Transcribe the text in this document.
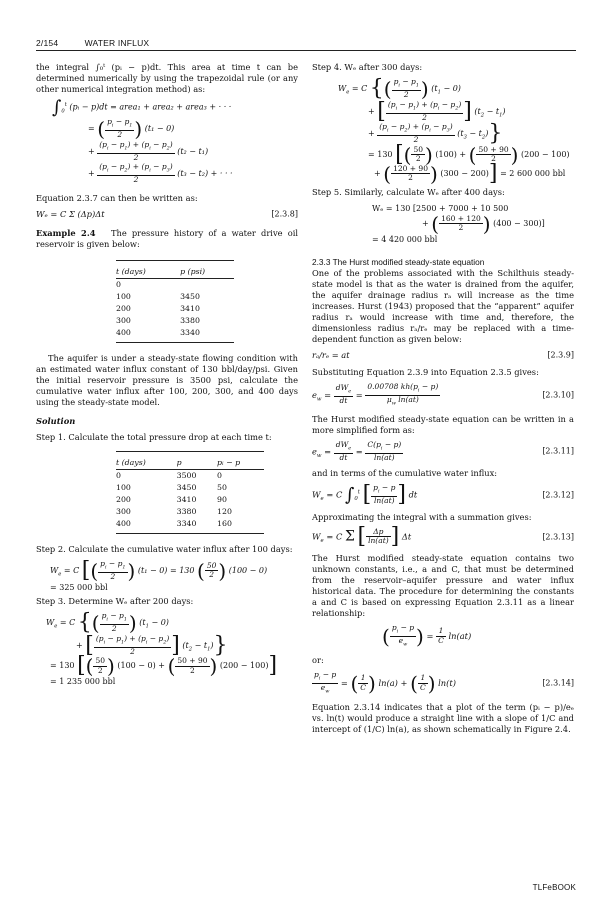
2/154	WATER INFLUX

the integral ∫₀ᵗ (pᵢ − p)dt. This area at time t can be determined numerically by using the trapezoidal rule (or any other numerical integration method) as:

$\int_0^t$ (pᵢ − p)dt = area₁ + area₂ + area₃ + · · ·
= ( $\frac{p_i - p_1}{2}$ ) (t₁ − 0)
+ $\frac{(p_i - p_1) + (p_i - p_2)}{2} (t_2 - t_1)$
+ $\frac{(p_i - p_2) + (p_i - p_3)}{2} (t_3 - t_2)$ + · · ·

Equation 2.3.7 can then be written as:

Wₑ = C Σ (Δp)Δt	[2.3.8]

Example 2.4 The pressure history of a water drive oil reservoir is given below:

t (days)	p (psi)
0	
100	3450
200	3410
300	3380
400	3340

The aquifer is under a steady-state flowing condition with an estimated water influx constant of 130 bbl/day/psi. Given the initial reservoir pressure is 3500 psi, calculate the cumulative water influx after 100, 200, 300, and 400 days using the steady-state model.

Solution

Step 1. Calculate the total pressure drop at each time t:

t (days)	p	pᵢ − p
0	3500	0
100	3450	50
200	3410	90
300	3380	120
400	3340	160

Step 2. Calculate the cumulative water influx after 100 days:

$W_e = C$ [( $\frac{p_i - p_1}{2}$ ) (t₁ − 0) = 130 ( $\frac{50}{2}$ ) (100 − 0)
= 325 000 bbl

Step 3. Determine Wₑ after 200 days:

$W_e = C$ {( $\frac{p_i - p_1}{2}$ ) $(t_1 - 0)$
+ [ $\frac{(p_i - p_1) + (p_i - p_2)}{2}$ ] $(t_2 - t_1)$}
= 130 [( $\frac{50}{2}$ ) (100 − 0) + ( $\frac{50 + 90}{2}$ ) (200 − 100)]
= 1 235 000 bbl

Step 4. Wₑ after 300 days:

$W_e = C$ {( $\frac{p_i - p_1}{2}$ ) $(t_1 - 0)$
+ [ $\frac{(p_i - p_1) + (p_i - p_2)}{2}$ ] $(t_2 - t_1)$
+ $\frac{(p_i - p_2) + (p_i - p_3)}{2} (t_3 - t_2)$}
= 130 [( $\frac{50}{2}$ ) (100) + ( $\frac{50 + 90}{2}$ ) (200 − 100)
+ ( $\frac{120 + 90}{2}$ ) (300 − 200)] = 2 600 000 bbl

Step 5. Similarly, calculate Wₑ after 400 days:

Wₑ = 130 [2500 + 7000 + 10 500
+ ( $\frac{160 + 120}{2}$ ) (400 − 300)]
= 4 420 000 bbl
2.3.3 The Hurst modified steady-state equation

One of the problems associated with the Schilthuis steady-state model is that as the water is drained from the aquifer, the aquifer drainage radius rₐ will increase as the time increases. Hurst (1943) proposed that the “apparent” aquifer radius rₐ would increase with time and, therefore, the dimensionless radius rₐ/rₑ may be replaced with a time-dependent function as given below:

rₐ/rₑ = at	[2.3.9]

Substituting Equation 2.3.9 into Equation 2.3.5 gives:

$e_w = \frac{dW_e}{dt} = \frac{0.00708 kh(p_i - p)}{\mu_w \ln(at)}$	[2.3.10]

The Hurst modified steady-state equation can be written in a more simplified form as:

$e_w = \frac{dW_e}{dt} = \frac{C(p_i - p)}{\ln(at)}$	[2.3.11]

and in terms of the cumulative water influx:

$W_e = C$ $\int_0^t$ [ $\frac{p_i - p}{\ln(at)}$ ] dt	[2.3.12]

Approximating the integral with a summation gives:

$W_e = C$ Σ [ $\frac{\Delta p}{\ln(at)}$ ] Δt	[2.3.13]

The Hurst modified steady-state equation contains two unknown constants, i.e., a and C, that must be determined from the reservoir–aquifer pressure and water influx historical data. The procedure for determining the constants a and C is based on expressing Equation 2.3.11 as a linear relationship:

( $\frac{p_i - p}{e_w}$ ) = $\frac{1}{C} \ln(at)$

or:

$\frac{p_i - p}{e_w}$ = ( $\frac{1}{C}$ ) ln(a) + ( $\frac{1}{C}$ ) ln(t)	[2.3.14]

Equation 2.3.14 indicates that a plot of the term (pᵢ − p)/eₑ vs. ln(t) would produce a straight line with a slope of 1/C and intercept of (1/C) ln(a), as shown schematically in Figure 2.4.

TLFeBOOK
